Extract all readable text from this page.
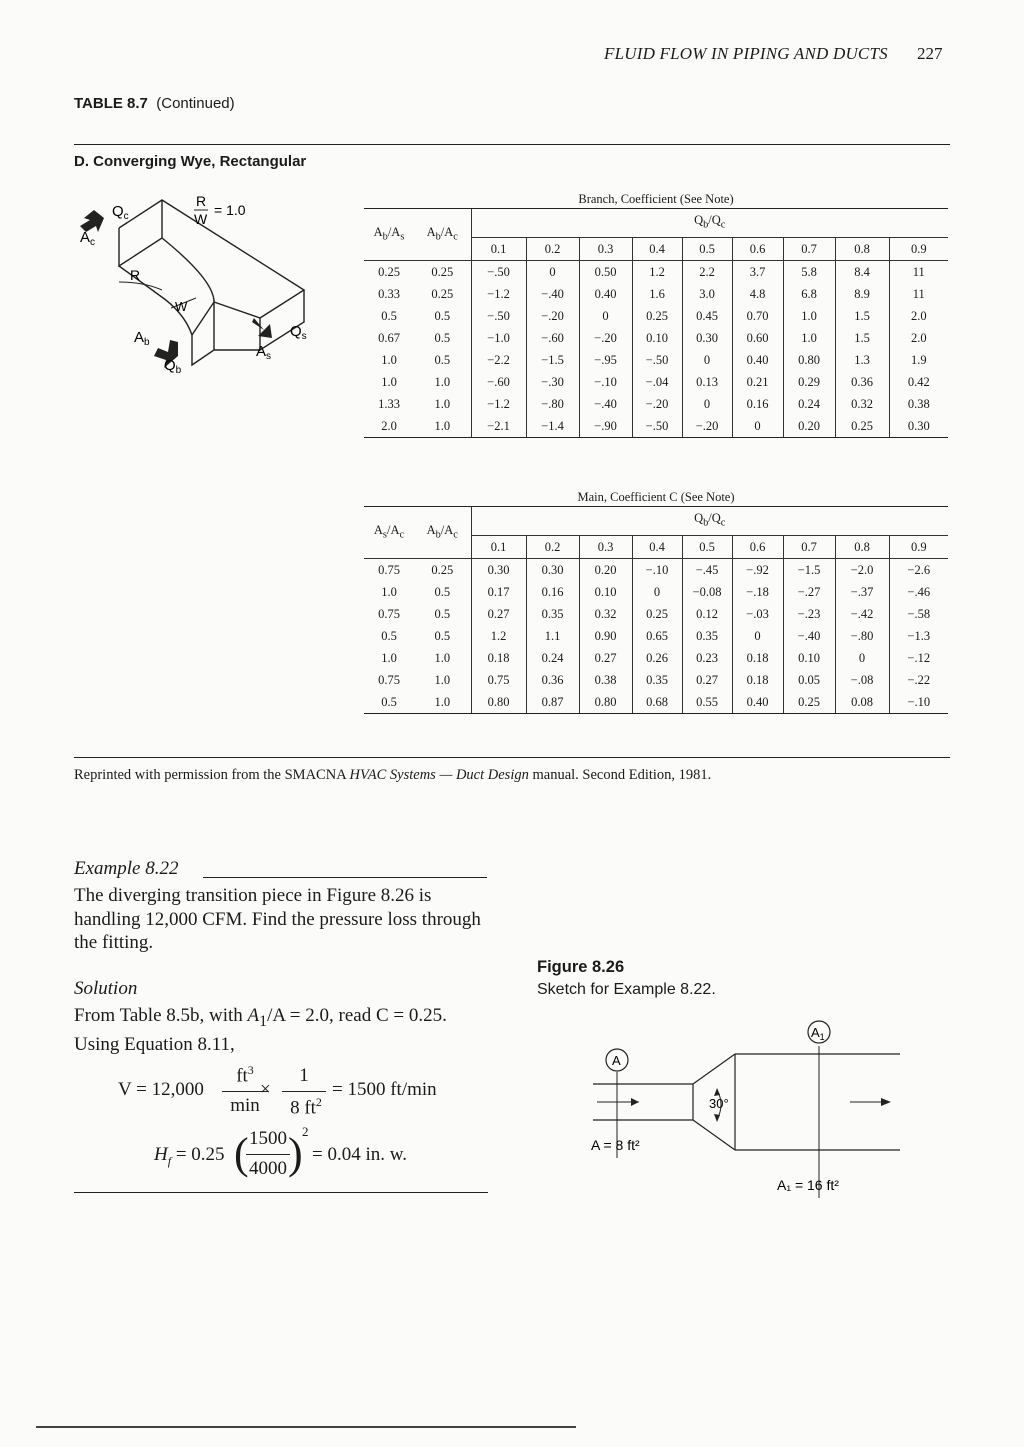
FLUID FLOW IN PIPING AND DUCTS 227
TABLE 8.7 (Continued)
D. Converging Wye, Rectangular
$Q_c$
$A_c$
R
W
$A_b$
$Q_b$
$Q_s$
$A_s$
R
W
= 1.0
Branch, Coefficient (See Note)										
$A_b/A_s$	$A_b/A_c$	$Q_b/Q_c$
		0.1	0.2	0.3	0.4	0.5	0.6	0.7	0.8	0.9
0.25	0.25	−.50	0	0.50	1.2	2.2	3.7	5.8	8.4	11
0.33	0.25	−1.2	−.40	0.40	1.6	3.0	4.8	6.8	8.9	11
0.5	0.5	−.50	−.20	0	0.25	0.45	0.70	1.0	1.5	2.0
0.67	0.5	−1.0	−.60	−.20	0.10	0.30	0.60	1.0	1.5	2.0
1.0	0.5	−2.2	−1.5	−.95	−.50	0	0.40	0.80	1.3	1.9
1.0	1.0	−.60	−.30	−.10	−.04	0.13	0.21	0.29	0.36	0.42
1.33	1.0	−1.2	−.80	−.40	−.20	0	0.16	0.24	0.32	0.38
2.0	1.0	−2.1	−1.4	−.90	−.50	−.20	0	0.20	0.25	0.30
Main, Coefficient C (See Note)										
$A_s/A_c$	$A_b/A_c$	$Q_b/Q_c$
		0.1	0.2	0.3	0.4	0.5	0.6	0.7	0.8	0.9
0.75	0.25	0.30	0.30	0.20	−.10	−.45	−.92	−1.5	−2.0	−2.6
1.0	0.5	0.17	0.16	0.10	0	−0.08	−.18	−.27	−.37	−.46
0.75	0.5	0.27	0.35	0.32	0.25	0.12	−.03	−.23	−.42	−.58
0.5	0.5	1.2	1.1	0.90	0.65	0.35	0	−.40	−.80	−1.3
1.0	1.0	0.18	0.24	0.27	0.26	0.23	0.18	0.10	0	−.12
0.75	1.0	0.75	0.36	0.38	0.35	0.27	0.18	0.05	−.08	−.22
0.5	1.0	0.80	0.87	0.80	0.68	0.55	0.40	0.25	0.08	−.10
Reprinted with permission from the SMACNA HVAC Systems — Duct Design manual. Second Edition, 1981.
Example 8.22
The diverging transition piece in Figure 8.26 is handling 12,000 CFM. Find the pressure loss through the fitting.
Solution
From Table 8.5b, with $A_1/A = 2.0$, read C = 0.25.
Using Equation 8.11,
V = 12,000
$ft^3$
min
×
1
8 $ft^2$
= 1500 ft/min
$H_f = 0.25$ ( 1500
4000 ) 2
= 0.04 in. w.
Figure 8.26
Sketch for Example 8.22.
A
$A_1$
30°
A = 8 ft²
A₁ = 16 ft²
